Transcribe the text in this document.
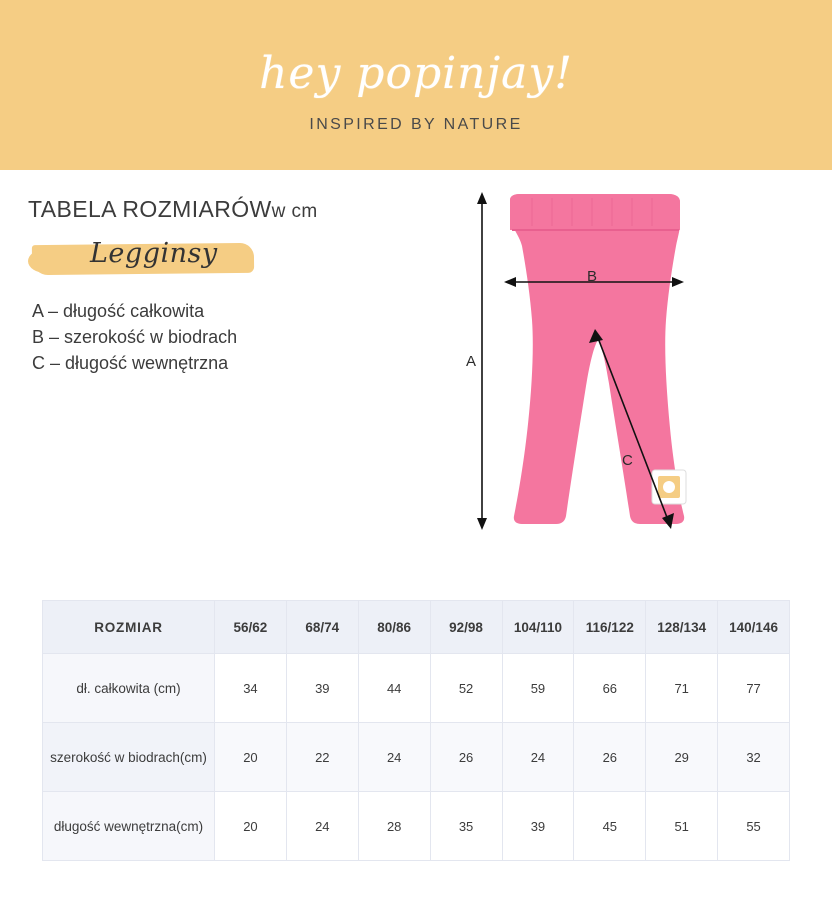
hey popinjay!
INSPIRED BY NATURE
TABELA ROZMIARÓWw cm
Legginsy
A – długość całkowita
B – szerokość w biodrach
C – długość wewnętrzna	A
B
C
ROZMIAR	56/62	68/74	80/86	92/98	104/110	116/122	128/134	140/146
dł. całkowita (cm)	34	39	44	52	59	66	71	77
szerokość w biodrach(cm)	20	22	24	26	24	26	29	32
długość wewnętrzna(cm)	20	24	28	35	39	45	51	55
